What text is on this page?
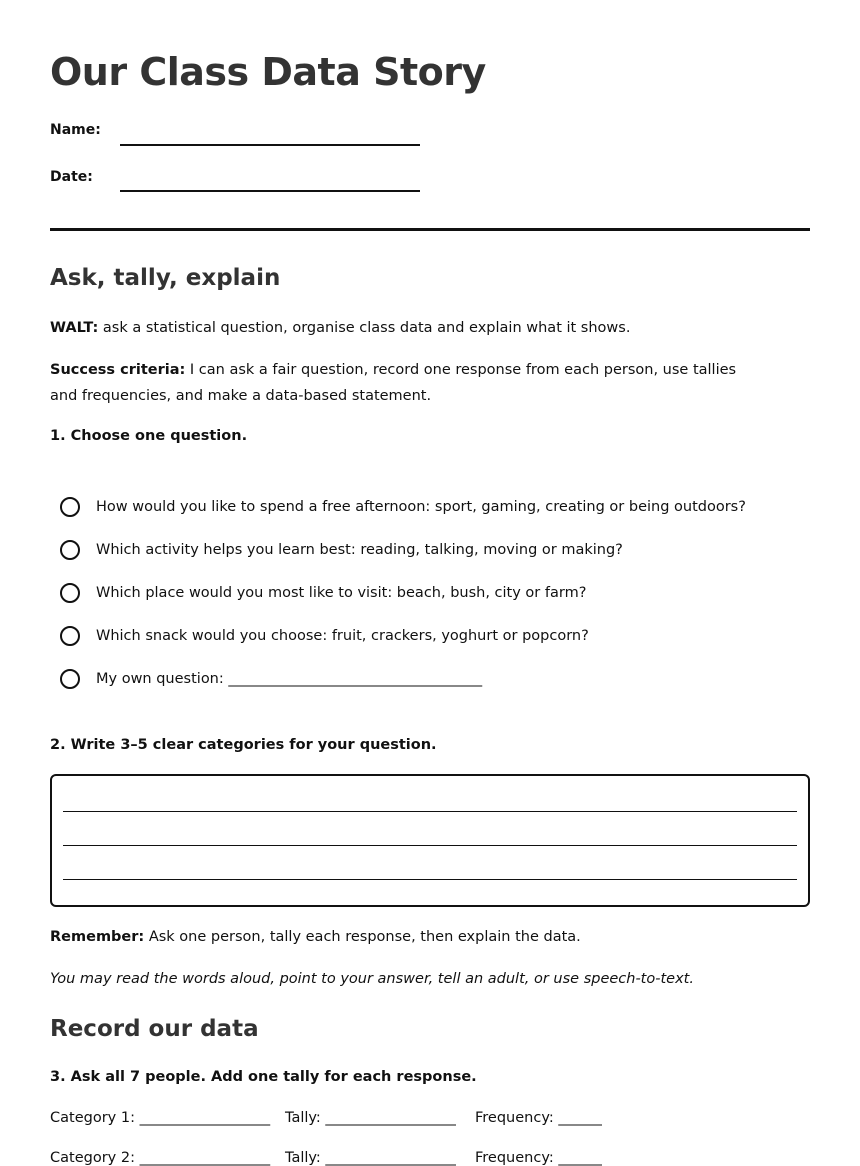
Our Class Data Story
Name:
Date:
Ask, tally, explain
WALT: ask a statistical question, organise class data and explain what it shows.
Success criteria: I can ask a fair question, record one response from each person, use tallies and frequencies, and make a data-based statement.
1. Choose one question.
How would you like to spend a free afternoon: sport, gaming, creating or being outdoors?
Which activity helps you learn best: reading, talking, moving or making?
Which place would you most like to visit: beach, bush, city or farm?
Which snack would you choose: fruit, crackers, yoghurt or popcorn?
My own question: ___________________________________
2. Write 3–5 clear categories for your question.
Remember: Ask one person, tally each response, then explain the data.
You may read the words aloud, point to your answer, tell an adult, or use speech-to-text.
Record our data
3. Ask all 7 people. Add one tally for each response.
Category 1: __________________ Tally: __________________ Frequency: ______
Category 2: __________________ Tally: __________________ Frequency: ______
